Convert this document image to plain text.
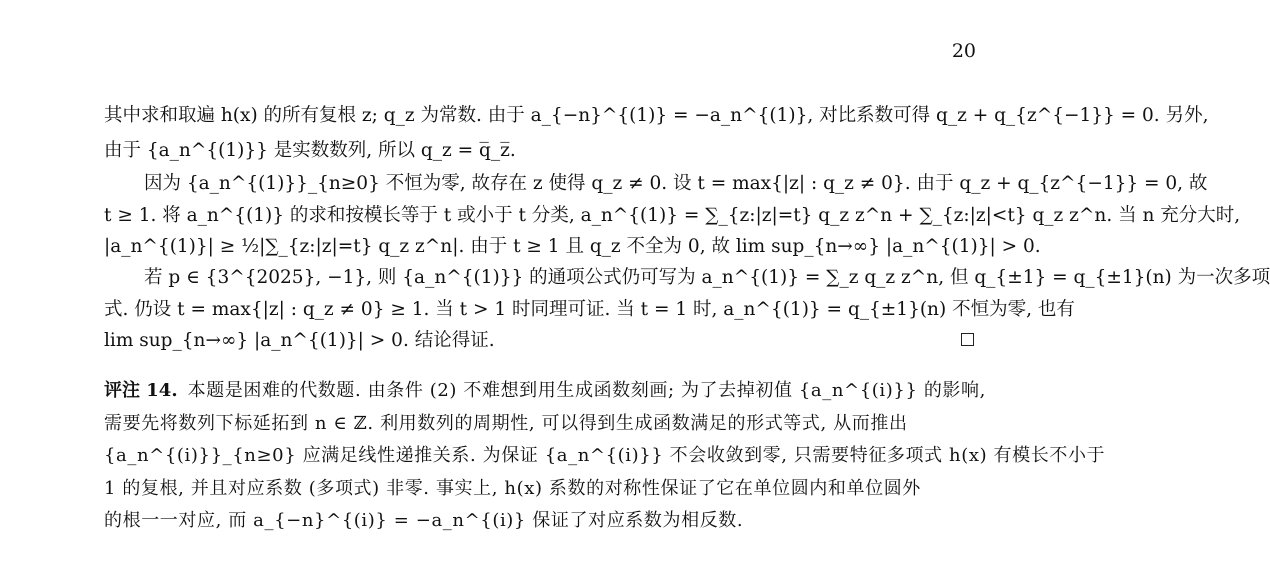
20
其中求和取遍 h(x) 的所有复根 z; q_z 为常数. 由于 a_{−n}^{(1)} = −a_n^{(1)}, 对比系数可得 q_z + q_{z^{−1}} = 0. 另外,
由于 {a_n^{(1)}} 是实数数列, 所以 q_z = q̅_z̅.
因为 {a_n^{(1)}}_{n≥0} 不恒为零, 故存在 z 使得 q_z ≠ 0. 设 t = max{|z| : q_z ≠ 0}. 由于 q_z + q_{z^{−1}} = 0, 故
t ≥ 1. 将 a_n^{(1)} 的求和按模长等于 t 或小于 t 分类, a_n^{(1)} = ∑_{z:|z|=t} q_z z^n + ∑_{z:|z|<t} q_z z^n. 当 n 充分大时,
|a_n^{(1)}| ≥ ½|∑_{z:|z|=t} q_z z^n|. 由于 t ≥ 1 且 q_z 不全为 0, 故 lim sup_{n→∞} |a_n^{(1)}| > 0.
若 p ∈ {3^{2025}, −1}, 则 {a_n^{(1)}} 的通项公式仍可写为 a_n^{(1)} = ∑_z q_z z^n, 但 q_{±1} = q_{±1}(n) 为一次多项
式. 仍设 t = max{|z| : q_z ≠ 0} ≥ 1. 当 t > 1 时同理可证. 当 t = 1 时, a_n^{(1)} = q_{±1}(n) 不恒为零, 也有
lim sup_{n→∞} |a_n^{(1)}| > 0. 结论得证.
评注 14. 本题是困难的代数题. 由条件 (2) 不难想到用生成函数刻画; 为了去掉初值 {a_n^{(i)}} 的影响,
需要先将数列下标延拓到 n ∈ ℤ. 利用数列的周期性, 可以得到生成函数满足的形式等式, 从而推出
{a_n^{(i)}}_{n≥0} 应满足线性递推关系. 为保证 {a_n^{(i)}} 不会收敛到零, 只需要特征多项式 h(x) 有模长不小于
1 的复根, 并且对应系数 (多项式) 非零. 事实上, h(x) 系数的对称性保证了它在单位圆内和单位圆外
的根一一对应, 而 a_{−n}^{(i)} = −a_n^{(i)} 保证了对应系数为相反数.
